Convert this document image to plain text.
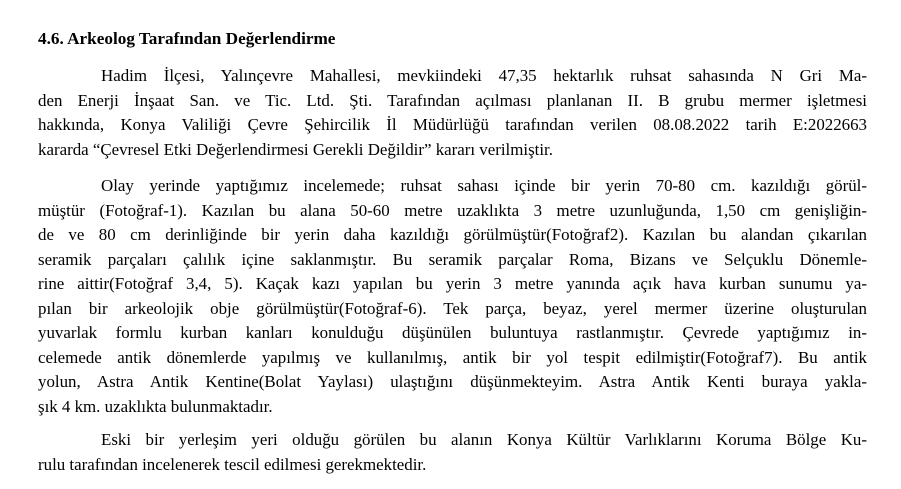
4.6. Arkeolog Tarafından Değerlendirme
Hadim İlçesi, Yalınçevre Mahallesi, mevkiindeki 47,35 hektarlık ruhsat sahasında N Gri Ma-
den Enerji İnşaat San. ve Tic. Ltd. Şti. Tarafından açılması planlanan II. B grubu mermer işletmesi
hakkında, Konya Valiliği Çevre Şehircilik İl Müdürlüğü tarafından verilen 08.08.2022 tarih E:2022663
kararda “Çevresel Etki Değerlendirmesi Gerekli Değildir” kararı verilmiştir.
Olay yerinde yaptığımız incelemede; ruhsat sahası içinde bir yerin 70-80 cm. kazıldığı görül-
müştür (Fotoğraf-1). Kazılan bu alana 50-60 metre uzaklıkta 3 metre uzunluğunda, 1,50 cm genişliğin-
de ve 80 cm derinliğinde bir yerin daha kazıldığı görülmüştür(Fotoğraf2). Kazılan bu alandan çıkarılan
seramik parçaları çalılık içine saklanmıştır. Bu seramik parçalar Roma, Bizans ve Selçuklu Dönemle-
rine aittir(Fotoğraf 3,4, 5). Kaçak kazı yapılan bu yerin 3 metre yanında açık hava kurban sunumu ya-
pılan bir arkeolojik obje görülmüştür(Fotoğraf-6). Tek parça, beyaz, yerel mermer üzerine oluşturulan
yuvarlak formlu kurban kanları konulduğu düşünülen buluntuya rastlanmıştır. Çevrede yaptığımız in-
celemede antik dönemlerde yapılmış ve kullanılmış, antik bir yol tespit edilmiştir(Fotoğraf7). Bu antik
yolun, Astra Antik Kentine(Bolat Yaylası) ulaştığını düşünmekteyim. Astra Antik Kenti buraya yakla-
şık 4 km. uzaklıkta bulunmaktadır.
Eski bir yerleşim yeri olduğu görülen bu alanın Konya Kültür Varlıklarını Koruma Bölge Ku-
rulu tarafından incelenerek tescil edilmesi gerekmektedir.
